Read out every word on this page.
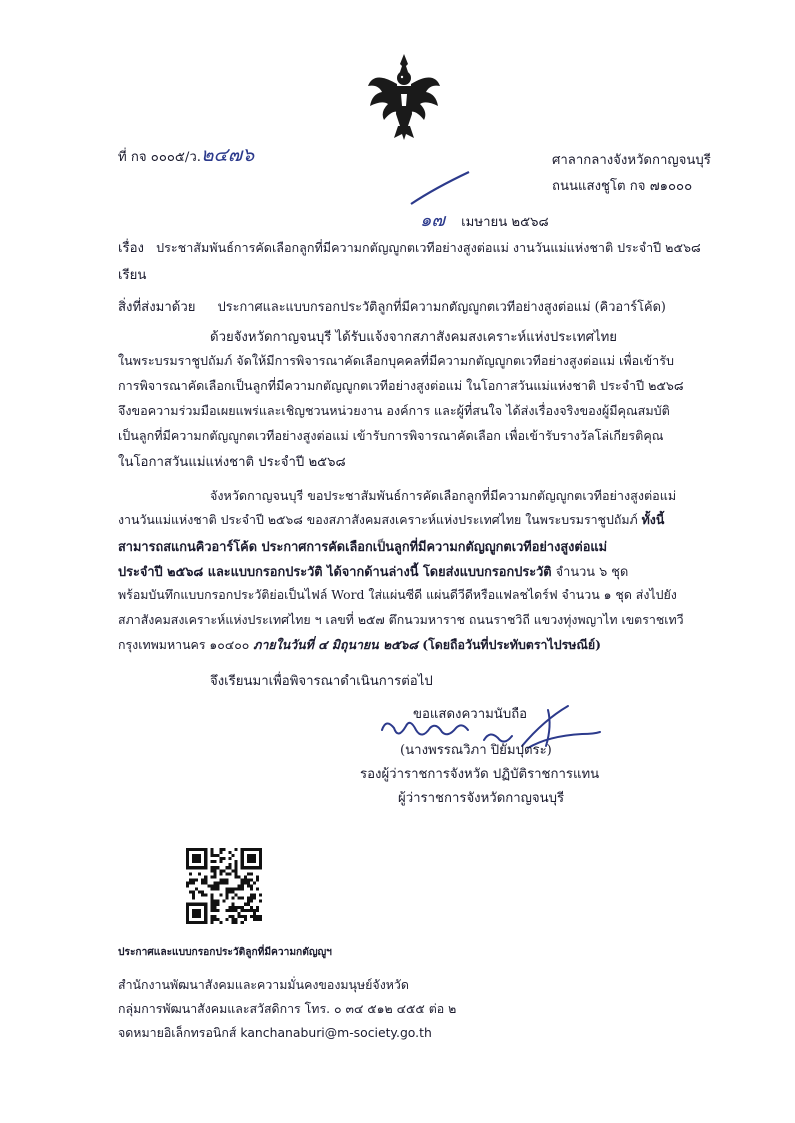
ที่ กจ ๐๐๐๕/ว.๒๔๗๖	ศาลากลางจังหวัดกาญจนบุรี
ถนนแสงชูโต กจ ๗๑๐๐๐
๑๗ เมษายน ๒๕๖๘
เรื่อง ประชาสัมพันธ์การคัดเลือกลูกที่มีความกตัญญูกตเวทีอย่างสูงต่อแม่ งานวันแม่แห่งชาติ ประจำปี ๒๕๖๘
เรียน
สิ่งที่ส่งมาด้วย ประกาศและแบบกรอกประวัติลูกที่มีความกตัญญูกตเวทีอย่างสูงต่อแม่ (คิวอาร์โค้ด)
ด้วยจังหวัดกาญจนบุรี ได้รับแจ้งจากสภาสังคมสงเคราะห์แห่งประเทศไทย
ในพระบรมราชูปถัมภ์ จัดให้มีการพิจารณาคัดเลือกบุคคลที่มีความกตัญญูกตเวทีอย่างสูงต่อแม่ เพื่อเข้ารับ
การพิจารณาคัดเลือกเป็นลูกที่มีความกตัญญูกตเวทีอย่างสูงต่อแม่ ในโอกาสวันแม่แห่งชาติ ประจำปี ๒๕๖๘
จึงขอความร่วมมือเผยแพร่และเชิญชวนหน่วยงาน องค์การ และผู้ที่สนใจ ได้ส่งเรื่องจริงของผู้มีคุณสมบัติ
เป็นลูกที่มีความกตัญญูกตเวทีอย่างสูงต่อแม่ เข้ารับการพิจารณาคัดเลือก เพื่อเข้ารับรางวัลโล่เกียรติคุณ
ในโอกาสวันแม่แห่งชาติ ประจำปี ๒๕๖๘
จังหวัดกาญจนบุรี ขอประชาสัมพันธ์การคัดเลือกลูกที่มีความกตัญญูกตเวทีอย่างสูงต่อแม่
งานวันแม่แห่งชาติ ประจำปี ๒๕๖๘ ของสภาสังคมสงเคราะห์แห่งประเทศไทย ในพระบรมราชูปถัมภ์ ทั้งนี้
สามารถสแกนคิวอาร์โค้ด ประกาศการคัดเลือกเป็นลูกที่มีความกตัญญูกตเวทีอย่างสูงต่อแม่
ประจำปี ๒๕๖๘ และแบบกรอกประวัติ ได้จากด้านล่างนี้ โดยส่งแบบกรอกประวัติ จำนวน ๖ ชุด
พร้อมบันทึกแบบกรอกประวัติย่อเป็นไฟล์ Word ใส่แผ่นซีดี แผ่นดีวีดีหรือแฟลชไดร์ฟ จำนวน ๑ ชุด ส่งไปยัง
สภาสังคมสงเคราะห์แห่งประเทศไทย ฯ เลขที่ ๒๕๗ ตึกนวมหาราช ถนนราชวิถี แขวงทุ่งพญาไท เขตราชเทวี
กรุงเทพมหานคร ๑๐๔๐๐ ภายในวันที่ ๔ มิถุนายน ๒๕๖๘ (โดยถือวันที่ประทับตราไปรษณีย์)
จึงเรียนมาเพื่อพิจารณาดำเนินการต่อไป
ขอแสดงความนับถือ
(นางพรรณวิภา ปิยัมปุตระ)
รองผู้ว่าราชการจังหวัด ปฏิบัติราชการแทน
ผู้ว่าราชการจังหวัดกาญจนบุรี
ประกาศและแบบกรอกประวัติลูกที่มีความกตัญญูฯ
สำนักงานพัฒนาสังคมและความมั่นคงของมนุษย์จังหวัด
กลุ่มการพัฒนาสังคมและสวัสดิการ โทร. ๐ ๓๔ ๕๑๒ ๔๕๕ ต่อ ๒
จดหมายอิเล็กทรอนิกส์ kanchanaburi@m-society.go.th
